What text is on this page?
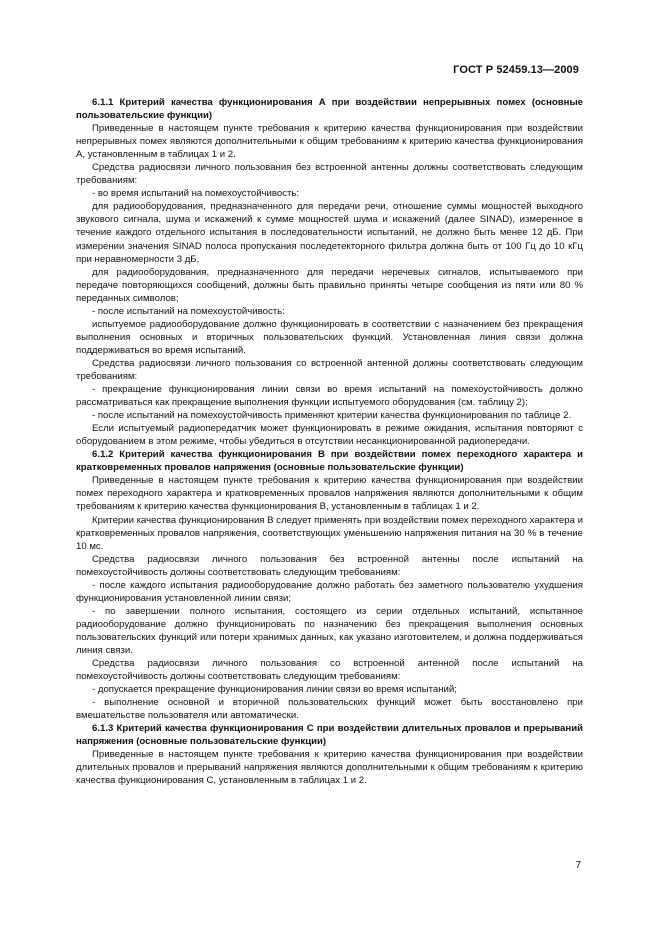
ГОСТ Р 52459.13—2009

6.1.1 Критерий качества функционирования А при воздействии непрерывных помех (основные пользовательские функции)

Приведенные в настоящем пункте требования к критерию качества функционирования при воздействии непрерывных помех являются дополнительными к общим требованиям к критерию качества функционирования А, установленным в таблицах 1 и 2.

Средства радиосвязи личного пользования без встроенной антенны должны соответствовать следующим требованиям:

- во время испытаний на помехоустойчивость:

для радиооборудования, предназначенного для передачи речи, отношение суммы мощностей выходного звукового сигнала, шума и искажений к сумме мощностей шума и искажений (далее SINAD), измеренное в течение каждого отдельного испытания в последовательности испытаний, не должно быть менее 12 дБ. При измерении значения SINAD полоса пропускания последетекторного фильтра должна быть от 100 Гц до 10 кГц при неравномерности 3 дБ,

для радиооборудования, предназначенного для передачи неречевых сигналов, испытываемого при передаче повторяющихся сообщений, должны быть правильно приняты четыре сообщения из пяти или 80 % переданных символов;

- после испытаний на помехоустойчивость:

испытуемое радиооборудование должно функционировать в соответствии с назначением без прекращения выполнения основных и вторичных пользовательских функций. Установленная линия связи должна поддерживаться во время испытаний.

Средства радиосвязи личного пользования со встроенной антенной должны соответствовать следующим требованиям:

- прекращение функционирования линии связи во время испытаний на помехоустойчивость должно рассматриваться как прекращение выполнения функции испытуемого оборудования (см. таблицу 2);

- после испытаний на помехоустойчивость применяют критерии качества функционирования по таблице 2.

Если испытуемый радиопередатчик может функционировать в режиме ожидания, испытания повторяют с оборудованием в этом режиме, чтобы убедиться в отсутствии несанкционированной радиопередачи.

6.1.2 Критерий качества функционирования В при воздействии помех переходного характера и кратковременных провалов напряжения (основные пользовательские функции)

Приведенные в настоящем пункте требования к критерию качества функционирования при воздействии помех переходного характера и кратковременных провалов напряжения являются дополнительными к общим требованиям к критерию качества функционирования В, установленным в таблицах 1 и 2.

Критерии качества функционирования В следует применять при воздействии помех переходного характера и кратковременных провалов напряжения, соответствующих уменьшению напряжения питания на 30 % в течение 10 мс.

Средства радиосвязи личного пользования без встроенной антенны после испытаний на помехоустойчивость должны соответствовать следующим требованиям:

- после каждого испытания радиооборудование должно работать без заметного пользователю ухудшения функционирования установленной линии связи;

- по завершении полного испытания, состоящего из серии отдельных испытаний, испытанное радиооборудование должно функционировать по назначению без прекращения выполнения основных пользовательских функций или потери хранимых данных, как указано изготовителем, и должна поддерживаться линия связи.

Средства радиосвязи личного пользования со встроенной антенной после испытаний на помехоустойчивость должны соответствовать следующим требованиям:

- допускается прекращение функционирования линии связи во время испытаний;

- выполнение основной и вторичной пользовательских функций может быть восстановлено при вмешательстве пользователя или автоматически.

6.1.3 Критерий качества функционирования С при воздействии длительных провалов и прерываний напряжения (основные пользовательские функции)

Приведенные в настоящем пункте требования к критерию качества функционирования при воздействии длительных провалов и прерываний напряжения являются дополнительными к общим требованиям к критерию качества функционирования С, установленным в таблицах 1 и 2.

7
